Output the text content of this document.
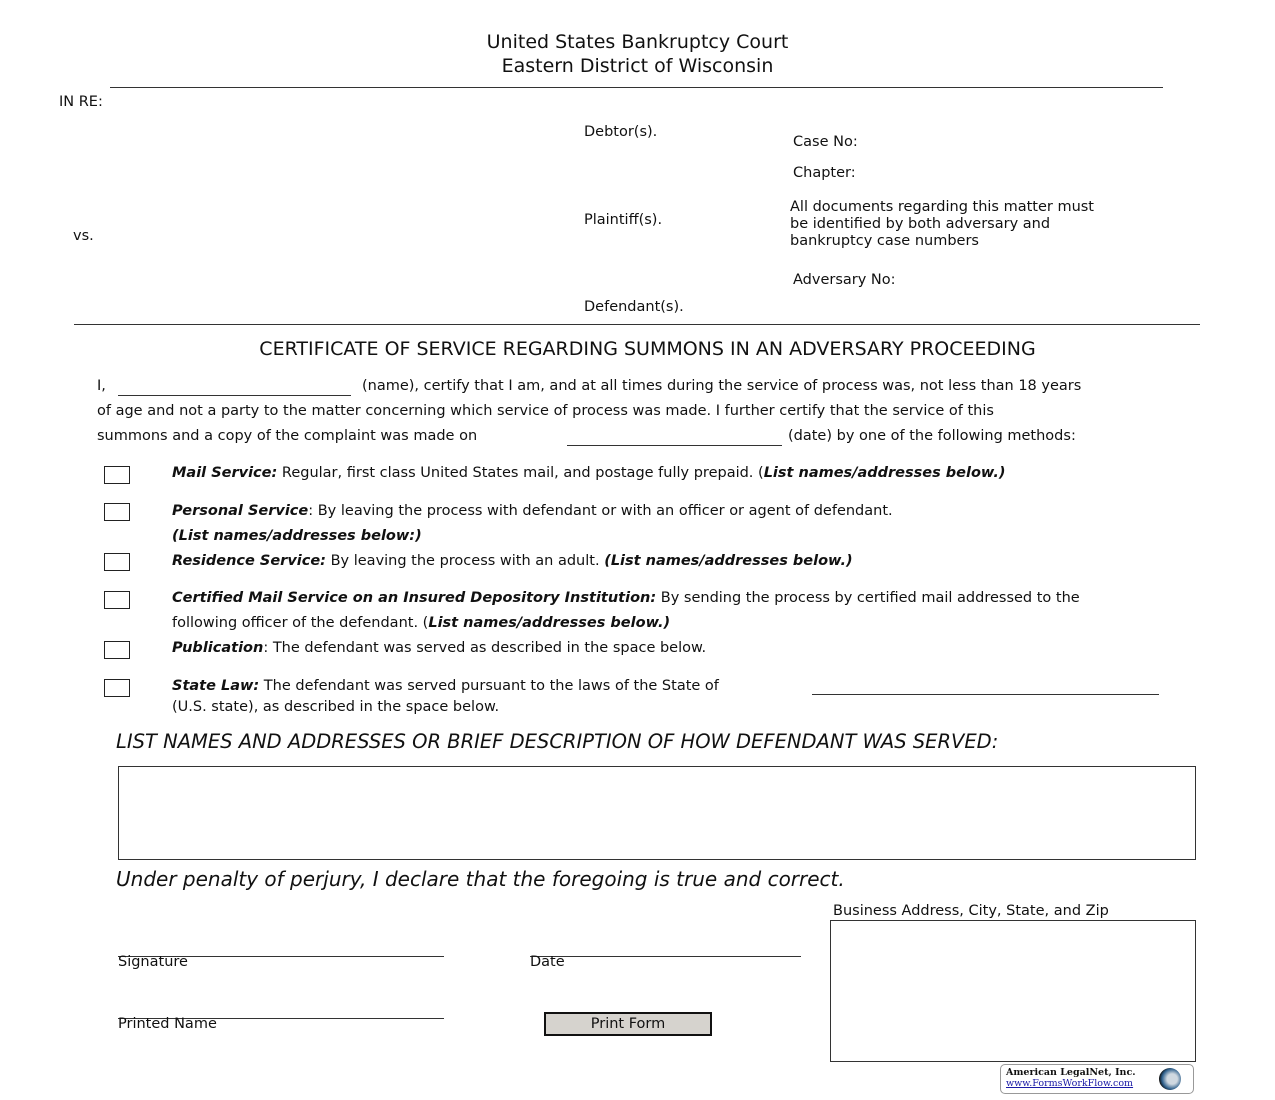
United States Bankruptcy Court
Eastern District of Wisconsin
IN RE:
Debtor(s).
Case No:
Chapter:
All documents regarding this matter must
be identified by both adversary and
bankruptcy case numbers
Plaintiff(s).
vs.
Adversary No:
Defendant(s).
CERTIFICATE OF SERVICE REGARDING SUMMONS IN AN ADVERSARY PROCEEDING
I,	(name), certify that I am, and at all times during the service of process was, not less than 18 years
of age and not a party to the matter concerning which service of process was made. I further certify that the service of this
summons and a copy of the complaint was made on	(date) by one of the following methods:
Mail Service: Regular, first class United States mail, and postage fully prepaid. (List names/addresses below.)
Personal Service: By leaving the process with defendant or with an officer or agent of defendant.
(List names/addresses below:)
Residence Service: By leaving the process with an adult. (List names/addresses below.)
Certified Mail Service on an Insured Depository Institution: By sending the process by certified mail addressed to the
following officer of the defendant. (List names/addresses below.)
Publication: The defendant was served as described in the space below.
State Law: The defendant was served pursuant to the laws of the State of
(U.S. state), as described in the space below.
LIST NAMES AND ADDRESSES OR BRIEF DESCRIPTION OF HOW DEFENDANT WAS SERVED:
Under penalty of perjury, I declare that the foregoing is true and correct.
Business Address, City, State, and Zip
Signature	Date
Printed Name	Print Form
American LegalNet, Inc.
www.FormsWorkFlow.com
